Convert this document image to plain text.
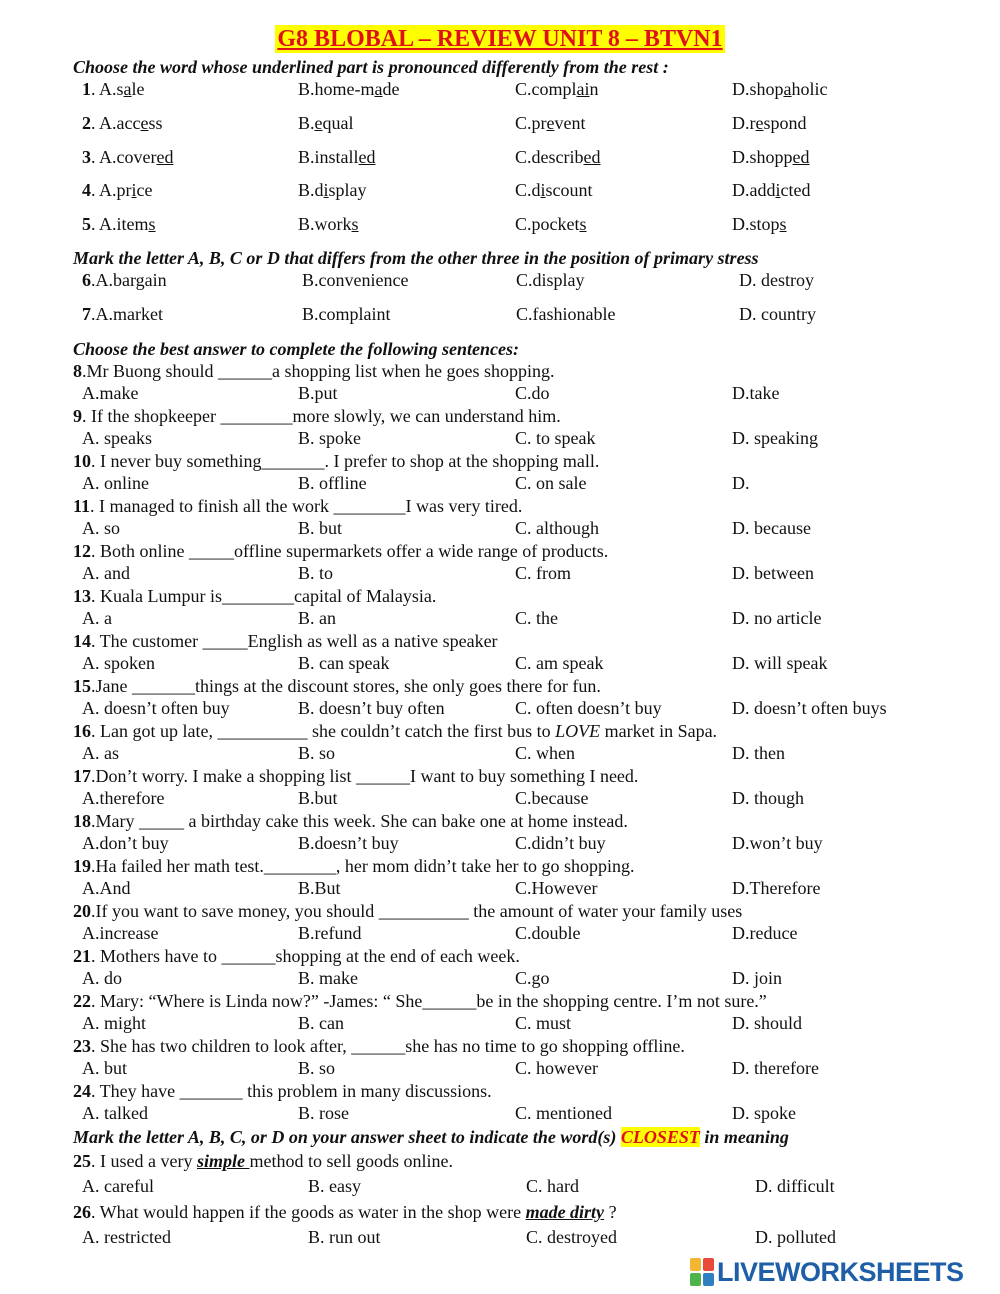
G8 BLOBAL – REVIEW UNIT 8 – BTVN1
Choose the word whose underlined part is pronounced differently from the rest :
Mark the letter A, B, C or D that differs from the other three in the position of primary stress
Choose the best answer to complete the following sentences:
Mark the letter A, B, C, or D on your answer sheet to indicate the word(s) CLOSEST in meaning
1. A.sale	B.home-made	C.complain	D.shopaholic
2. A.access	B.equal	C.prevent	D.respond
3. A.covered	B.installed	C.described	D.shopped
4. A.price	B.display	C.discount	D.addicted
5. A.items	B.works	C.pockets	D.stops
6.A.bargain	B.convenience	C.display	D. destroy
7.A.market	B.complaint	C.fashionable	D. country
8.Mr Buong should ______a shopping list when he goes shopping.
A.make	B.put	C.do	D.take
9. If the shopkeeper ________more slowly, we can understand him.
A. speaks	B. spoke	C. to speak	D. speaking
10. I never buy something_______. I prefer to shop at the shopping mall.
A. online	B. offline	C. on sale	D.
11. I managed to finish all the work ________I was very tired.
A. so	B. but	C. although	D. because
12. Both online _____offline supermarkets offer a wide range of products.
A. and	B. to	C. from	D. between
13. Kuala Lumpur is________capital of Malaysia.
A. a	B. an	C. the	D. no article
14. The customer _____English as well as a native speaker
A. spoken	B. can speak	C. am speak	D. will speak
15.Jane _______things at the discount stores, she only goes there for fun.
A. doesn’t often buy	B. doesn’t buy often	C. often doesn’t buy	D. doesn’t often buys
16. Lan got up late, __________ she couldn’t catch the first bus to LOVE market in Sapa.
A. as	B. so	C. when	D. then
17.Don’t worry. I make a shopping list ______I want to buy something I need.
A.therefore	B.but	C.because	D. though
18.Mary _____ a birthday cake this week. She can bake one at home instead.
A.don’t buy	B.doesn’t buy	C.didn’t buy	D.won’t buy
19.Ha failed her math test.________, her mom didn’t take her to go shopping.
A.And	B.But	C.However	D.Therefore
20.If you want to save money, you should __________ the amount of water your family uses
A.increase	B.refund	C.double	D.reduce
21. Mothers have to ______shopping at the end of each week.
A. do	B. make	C.go	D. join
22. Mary: “Where is Linda now?” -James: “ She______be in the shopping centre. I’m not sure.”
A. might	B. can	C. must	D. should
23. She has two children to look after, ______she has no time to go shopping offline.
A. but	B. so	C. however	D. therefore
24. They have _______ this problem in many discussions.
A. talked	B. rose	C. mentioned	D. spoke
25. I used a very simple method to sell goods online.
A. careful	B. easy	C. hard	D. difficult
26. What would happen if the goods as water in the shop were made dirty ?
A. restricted	B. run out	C. destroyed	D. polluted
LIVEWORKSHEETS
